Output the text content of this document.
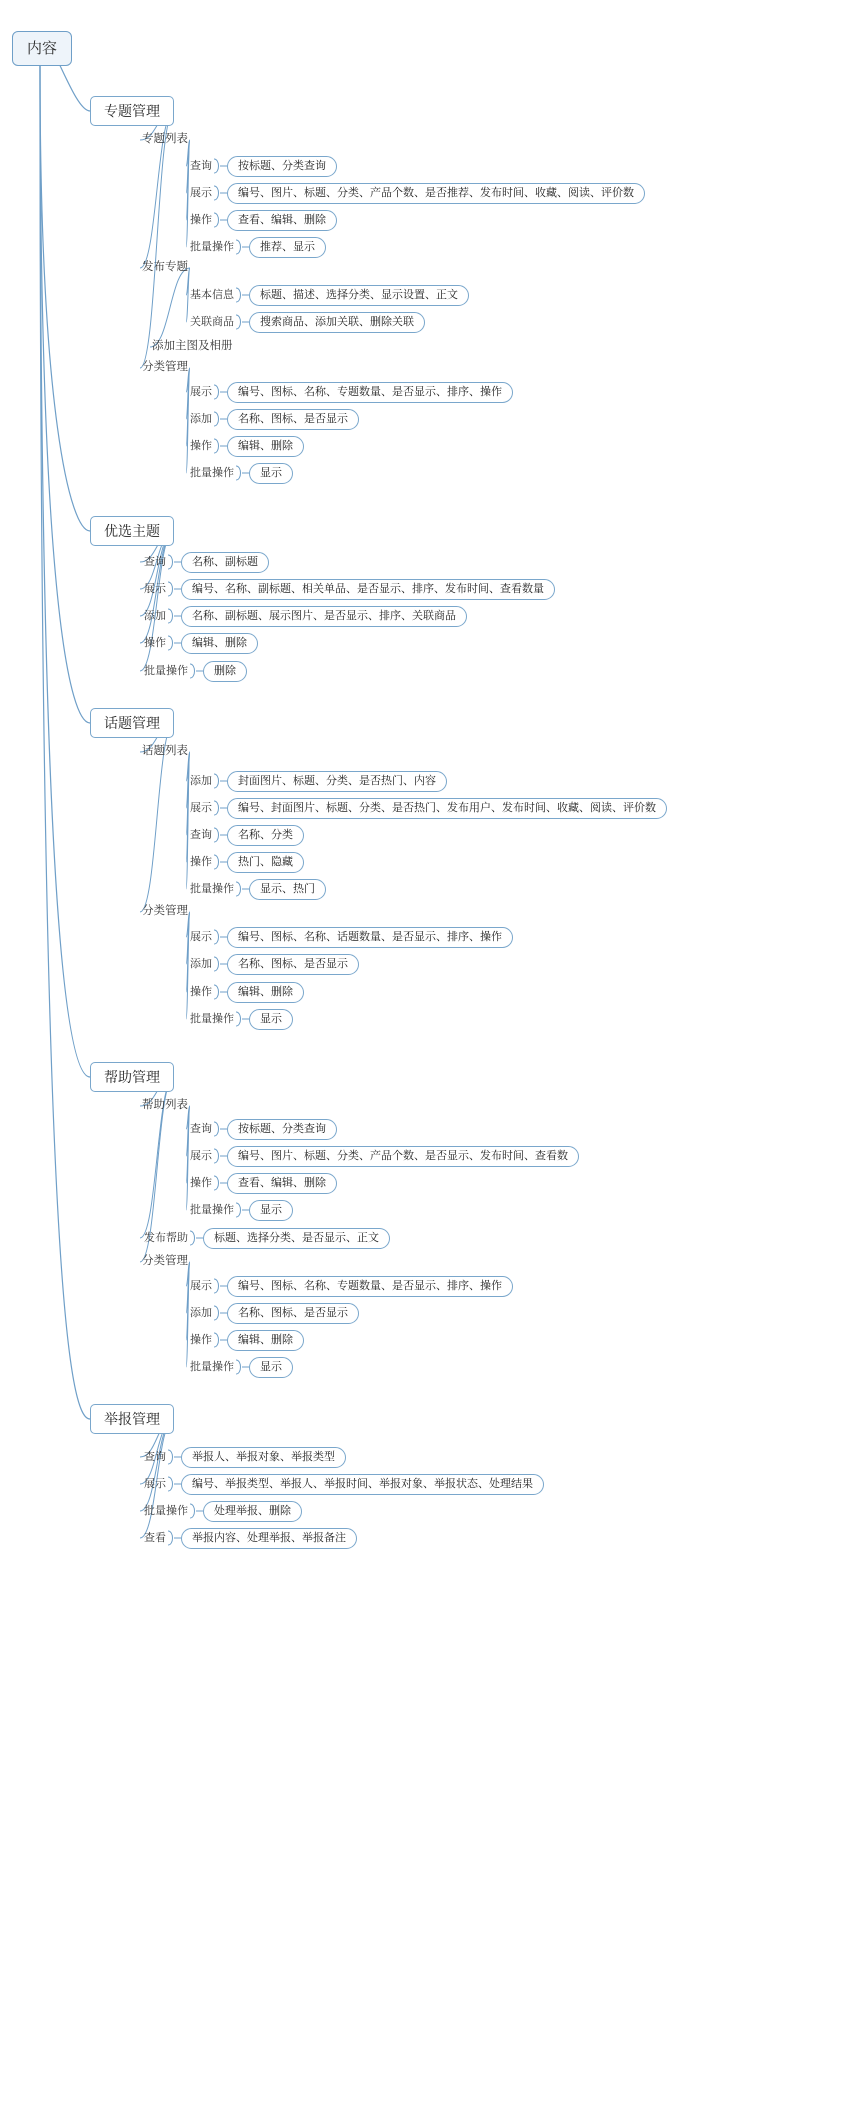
内容
专题管理
专题列表
查询	按标题、分类查询
展示	编号、图片、标题、分类、产品个数、是否推荐、发布时间、收藏、阅读、评价数
操作	查看、编辑、删除
批量操作	推荐、显示
发布专题
基本信息	标题、描述、选择分类、显示设置、正文
关联商品	搜索商品、添加关联、删除关联
添加主图及相册
分类管理
展示	编号、图标、名称、专题数量、是否显示、排序、操作
添加	名称、图标、是否显示
操作	编辑、删除
批量操作	显示
优选主题
查询	名称、副标题
展示	编号、名称、副标题、相关单品、是否显示、排序、发布时间、查看数量
添加	名称、副标题、展示图片、是否显示、排序、关联商品
操作	编辑、删除
批量操作	删除
话题管理
话题列表
添加	封面图片、标题、分类、是否热门、内容
展示	编号、封面图片、标题、分类、是否热门、发布用户、发布时间、收藏、阅读、评价数
查询	名称、分类
操作	热门、隐藏
批量操作	显示、热门
分类管理
展示	编号、图标、名称、话题数量、是否显示、排序、操作
添加	名称、图标、是否显示
操作	编辑、删除
批量操作	显示
帮助管理
帮助列表
查询	按标题、分类查询
展示	编号、图片、标题、分类、产品个数、是否显示、发布时间、查看数
操作	查看、编辑、删除
批量操作	显示
发布帮助	标题、选择分类、是否显示、正文
分类管理
展示	编号、图标、名称、专题数量、是否显示、排序、操作
添加	名称、图标、是否显示
操作	编辑、删除
批量操作	显示
举报管理
查询	举报人、举报对象、举报类型
展示	编号、举报类型、举报人、举报时间、举报对象、举报状态、处理结果
批量操作	处理举报、删除
查看	举报内容、处理举报、举报备注
